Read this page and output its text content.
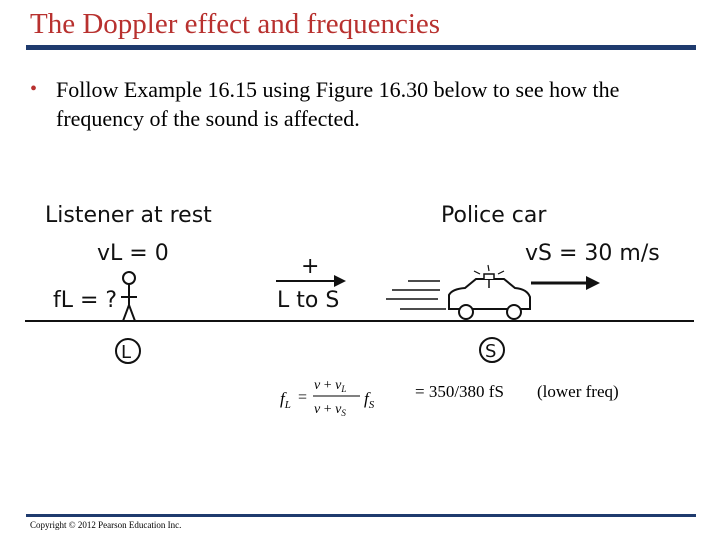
The Doppler effect and frequencies
• Follow Example 16.15 using Figure 16.30 below to see how the frequency of the sound is affected.
Listener at rest
vL = 0
fL = ?
+
L to S
Police car
vS = 30 m/s
L	S
$f_L$ =
$v + v_L$
$v + v_S$
$f_S$
= 350/380 fS (lower freq)
Copyright © 2012 Pearson Education Inc.
